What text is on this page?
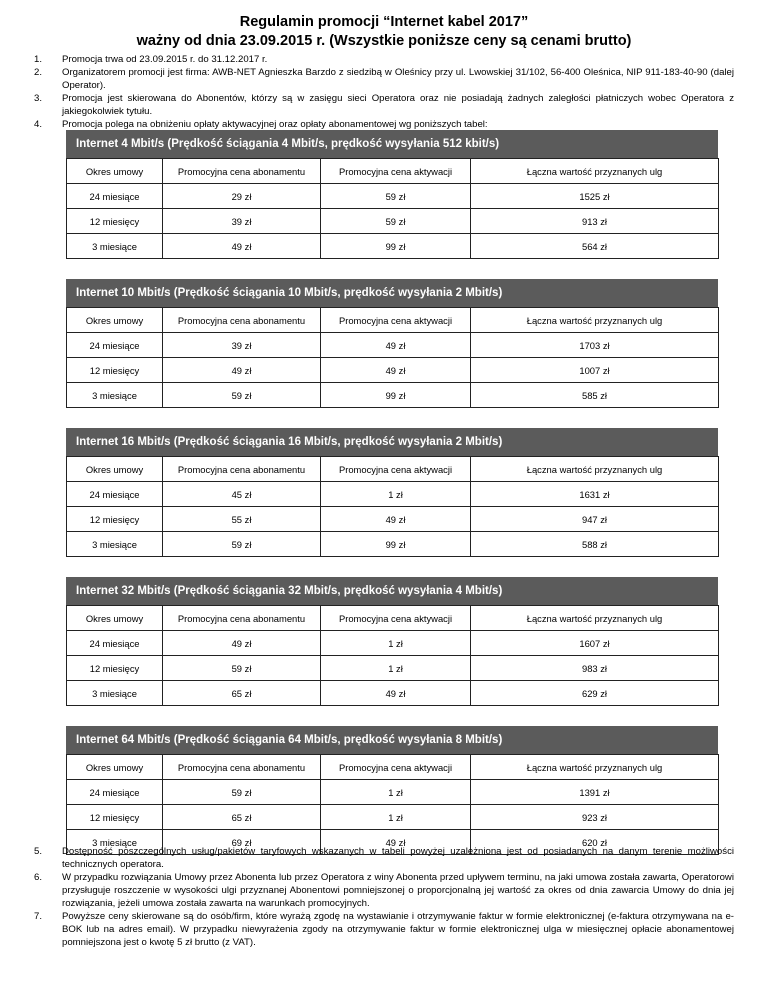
Regulamin promocji “Internet kabel 2017”
ważny od dnia 23.09.2015 r. (Wszystkie poniższe ceny są cenami brutto)
1. Promocja trwa od 23.09.2015 r. do 31.12.2017 r.
2. Organizatorem promocji jest firma: AWB-NET Agnieszka Barzdo z siedzibą w Oleśnicy przy ul. Lwowskiej 31/102, 56-400 Oleśnica, NIP 911-183-40-90 (dalej Operator).
3. Promocja jest skierowana do Abonentów, którzy są w zasięgu sieci Operatora oraz nie posiadają żadnych zaległości płatniczych wobec Operatora z jakiegokolwiek tytułu.
4. Promocja polega na obniżeniu opłaty aktywacyjnej oraz opłaty abonamentowej wg poniższych tabel:
Internet 4 Mbit/s (Prędkość ściągania 4 Mbit/s, prędkość wysyłania 512 kbit/s)
Okres umowy	Promocyjna cena abonamentu	Promocyjna cena aktywacji	Łączna wartość przyznanych ulg
24 miesiące	29 zł	59 zł	1525 zł
12 miesięcy	39 zł	59 zł	913 zł
3 miesiące	49 zł	99 zł	564 zł
Internet 10 Mbit/s (Prędkość ściągania 10 Mbit/s, prędkość wysyłania 2 Mbit/s)
Okres umowy	Promocyjna cena abonamentu	Promocyjna cena aktywacji	Łączna wartość przyznanych ulg
24 miesiące	39 zł	49 zł	1703 zł
12 miesięcy	49 zł	49 zł	1007 zł
3 miesiące	59 zł	99 zł	585 zł
Internet 16 Mbit/s (Prędkość ściągania 16 Mbit/s, prędkość wysyłania 2 Mbit/s)
Okres umowy	Promocyjna cena abonamentu	Promocyjna cena aktywacji	Łączna wartość przyznanych ulg
24 miesiące	45 zł	1 zł	1631 zł
12 miesięcy	55 zł	49 zł	947 zł
3 miesiące	59 zł	99 zł	588 zł
Internet 32 Mbit/s (Prędkość ściągania 32 Mbit/s, prędkość wysyłania 4 Mbit/s)
Okres umowy	Promocyjna cena abonamentu	Promocyjna cena aktywacji	Łączna wartość przyznanych ulg
24 miesiące	49 zł	1 zł	1607 zł
12 miesięcy	59 zł	1 zł	983 zł
3 miesiące	65 zł	49 zł	629 zł
Internet 64 Mbit/s (Prędkość ściągania 64 Mbit/s, prędkość wysyłania 8 Mbit/s)
Okres umowy	Promocyjna cena abonamentu	Promocyjna cena aktywacji	Łączna wartość przyznanych ulg
24 miesiące	59 zł	1 zł	1391 zł
12 miesięcy	65 zł	1 zł	923 zł
3 miesiące	69 zł	49 zł	620 zł
5. Dostępność poszczególnych usług/pakietów taryfowych wskazanych w tabeli powyżej uzależniona jest od posiadanych na danym terenie możliwości technicznych operatora.
6. W przypadku rozwiązania Umowy przez Abonenta lub przez Operatora z winy Abonenta przed upływem terminu, na jaki umowa została zawarta, Operatorowi przysługuje roszczenie w wysokości ulgi przyznanej Abonentowi pomniejszonej o proporcjonalną jej wartość za okres od dnia zawarcia Umowy do dnia jej rozwiązania, jeżeli umowa została zawarta na warunkach promocyjnych.
7. Powyższe ceny skierowane są do osób/firm, które wyrażą zgodę na wystawianie i otrzymywanie faktur w formie elektronicznej (e-faktura otrzymywana na e-BOK lub na adres email). W przypadku niewyrażenia zgody na otrzymywanie faktur w formie elektronicznej ulga w miesięcznej opłacie abonamentowej pomniejszona jest o kwotę 5 zł brutto (z VAT).
